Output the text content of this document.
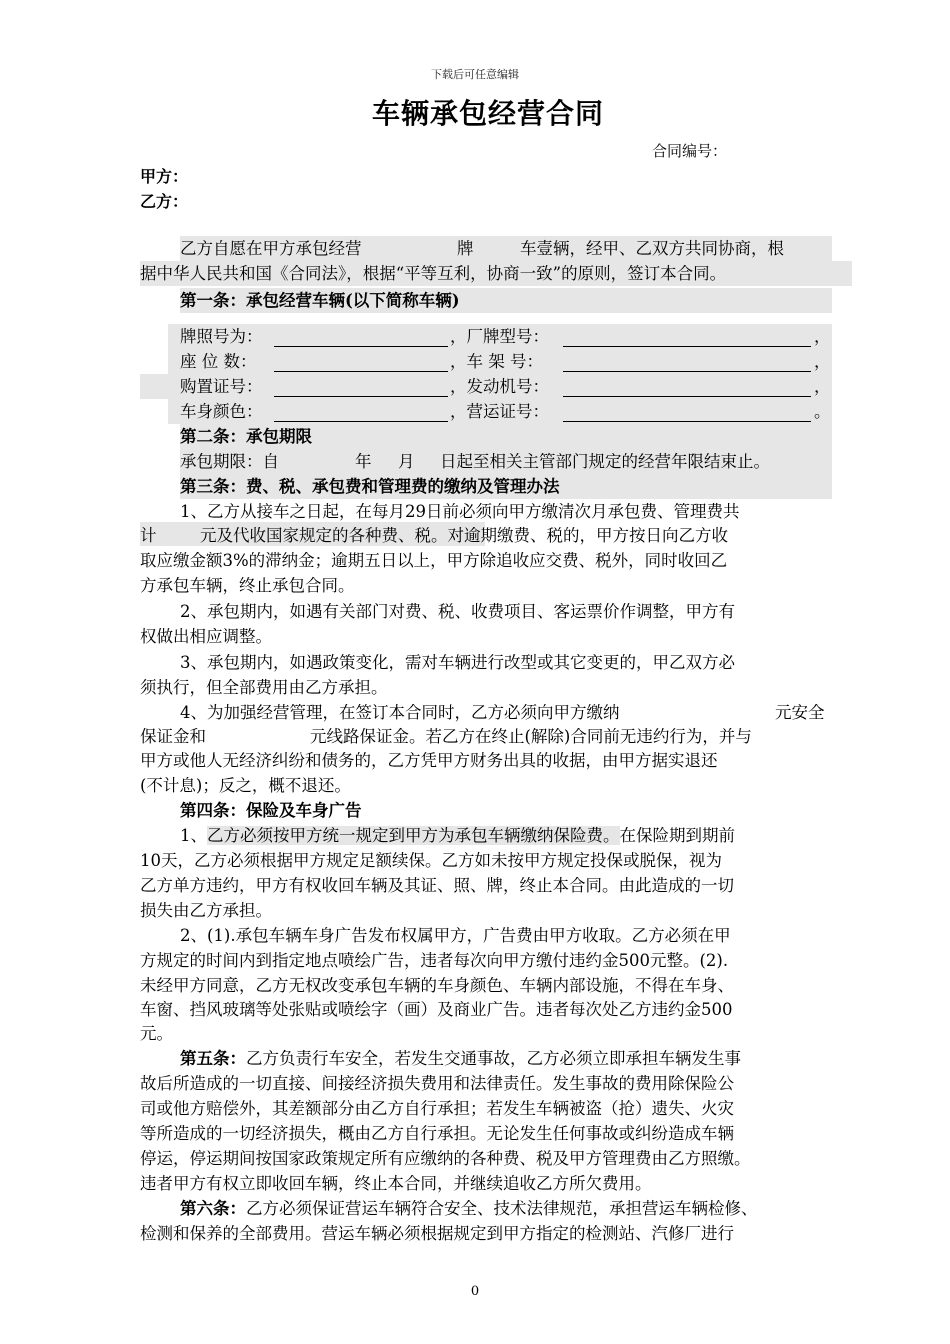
下载后可任意编辑
车辆承包经营合同
合同编号：
甲方：
乙方：
乙方自愿在甲方承包经营	牌	车壹辆，经甲、乙双方共同协商，根
据中华人民共和国《合同法》，根据“平等互利，协商一致”的原则，签订本合同。
第一条：承包经营车辆(以下简称车辆)
牌照号为：	，厂牌型号：	，
座 位 数：	，车 架 号：	，
购置证号：	，发动机号：	，
车身颜色：	，营运证号：	。
第二条：承包期限
承包期限：自	年 月 日起至相关主管部门规定的经营年限结束止。
第三条：费、税、承包费和管理费的缴纳及管理办法
1、乙方从接车之日起，在每月29日前必须向甲方缴清次月承包费、管理费共
计	元及代收国家规定的各种费、税。对逾期缴费、税的，甲方按日向乙方收
取应缴金额3%的滞纳金；逾期五日以上，甲方除追收应交费、税外，同时收回乙
方承包车辆，终止承包合同。
2、承包期内，如遇有关部门对费、税、收费项目、客运票价作调整，甲方有
权做出相应调整。
3、承包期内，如遇政策变化，需对车辆进行改型或其它变更的，甲乙双方必
须执行，但全部费用由乙方承担。
4、为加强经营管理，在签订本合同时，乙方必须向甲方缴纳	元安全
保证金和	元线路保证金。若乙方在终止(解除)合同前无违约行为，并与
甲方或他人无经济纠纷和债务的，乙方凭甲方财务出具的收据，由甲方据实退还
(不计息)；反之，概不退还。
第四条：保险及车身广告
1、乙方必须按甲方统一规定到甲方为承包车辆缴纳保险费。在保险期到期前
10天，乙方必须根据甲方规定足额续保。乙方如未按甲方规定投保或脱保，视为
乙方单方违约，甲方有权收回车辆及其证、照、牌，终止本合同。由此造成的一切
损失由乙方承担。
2、(1).承包车辆车身广告发布权属甲方，广告费由甲方收取。乙方必须在甲
方规定的时间内到指定地点喷绘广告，违者每次向甲方缴付违约金500元整。(2).
未经甲方同意，乙方无权改变承包车辆的车身颜色、车辆内部设施，不得在车身、
车窗、挡风玻璃等处张贴或喷绘字（画）及商业广告。违者每次处乙方违约金500
元。
第五条：乙方负责行车安全，若发生交通事故，乙方必须立即承担车辆发生事
故后所造成的一切直接、间接经济损失费用和法律责任。发生事故的费用除保险公
司或他方赔偿外，其差额部分由乙方自行承担；若发生车辆被盗（抢）遗失、火灾
等所造成的一切经济损失，概由乙方自行承担。无论发生任何事故或纠纷造成车辆
停运，停运期间按国家政策规定所有应缴纳的各种费、税及甲方管理费由乙方照缴。
违者甲方有权立即收回车辆，终止本合同，并继续追收乙方所欠费用。
第六条：乙方必须保证营运车辆符合安全、技术法律规范，承担营运车辆检修、
检测和保养的全部费用。营运车辆必须根据规定到甲方指定的检测站、汽修厂进行
0
